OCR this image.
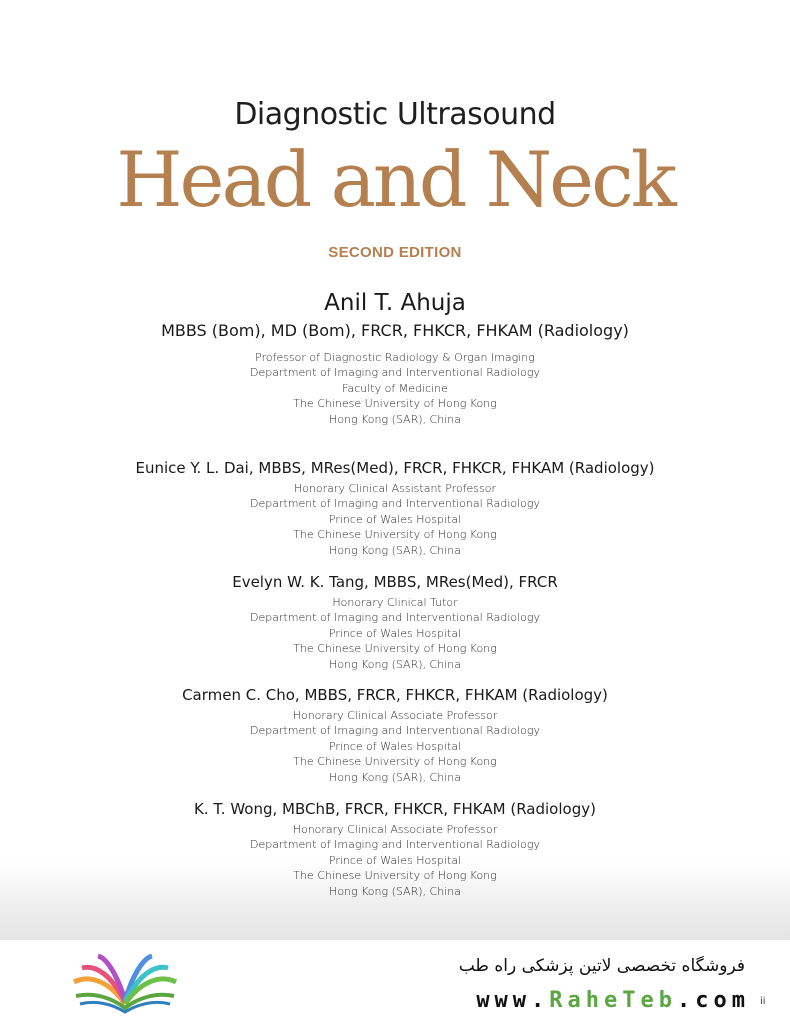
Diagnostic Ultrasound
Head and Neck
SECOND EDITION
Anil T. Ahuja
MBBS (Bom), MD (Bom), FRCR, FHKCR, FHKAM (Radiology)
Professor of Diagnostic Radiology & Organ Imaging
Department of Imaging and Interventional Radiology
Faculty of Medicine
The Chinese University of Hong Kong
Hong Kong (SAR), China
Eunice Y. L. Dai, MBBS, MRes(Med), FRCR, FHKCR, FHKAM (Radiology)
Honorary Clinical Assistant Professor
Department of Imaging and Interventional Radiology
Prince of Wales Hospital
The Chinese University of Hong Kong
Hong Kong (SAR), China
Evelyn W. K. Tang, MBBS, MRes(Med), FRCR
Honorary Clinical Tutor
Department of Imaging and Interventional Radiology
Prince of Wales Hospital
The Chinese University of Hong Kong
Hong Kong (SAR), China
Carmen C. Cho, MBBS, FRCR, FHKCR, FHKAM (Radiology)
Honorary Clinical Associate Professor
Department of Imaging and Interventional Radiology
Prince of Wales Hospital
The Chinese University of Hong Kong
Hong Kong (SAR), China
K. T. Wong, MBChB, FRCR, FHKCR, FHKAM (Radiology)
Honorary Clinical Associate Professor
Department of Imaging and Interventional Radiology
Prince of Wales Hospital
The Chinese University of Hong Kong
Hong Kong (SAR), China
فروشگاه تخصصی لاتین پزشکی راه طب
www.RaheTeb.com ii
